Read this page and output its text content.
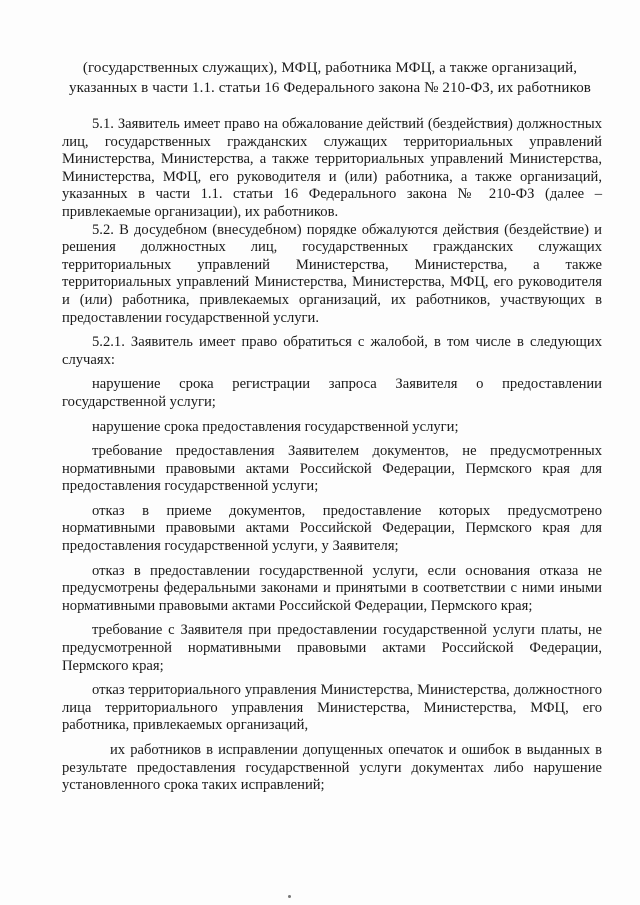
(государственных служащих), МФЦ, работника МФЦ, а также организаций,
указанных в части 1.1. статьи 16 Федерального закона № 210-ФЗ, их работников

5.1. Заявитель имеет право на обжалование действий (бездействия) должностных лиц, государственных гражданских служащих территориальных управлений Министерства, Министерства, а также территориальных управлений Министерства, Министерства, МФЦ, его руководителя и (или) работника, а также организаций, указанных в части 1.1. статьи 16 Федерального закона № 210-ФЗ (далее – привлекаемые организации), их работников.

5.2. В досудебном (внесудебном) порядке обжалуются действия (бездействие) и решения должностных лиц, государственных гражданских служащих территориальных управлений Министерства, Министерства, а также территориальных управлений Министерства, Министерства, МФЦ, его руководителя и (или) работника, привлекаемых организаций, их работников, участвующих в предоставлении государственной услуги.

5.2.1. Заявитель имеет право обратиться с жалобой, в том числе в следующих случаях:

нарушение срока регистрации запроса Заявителя о предоставлении государственной услуги;

нарушение срока предоставления государственной услуги;

требование предоставления Заявителем документов, не предусмотренных нормативными правовыми актами Российской Федерации, Пермского края для предоставления государственной услуги;

отказ в приеме документов, предоставление которых предусмотрено нормативными правовыми актами Российской Федерации, Пермского края для предоставления государственной услуги, у Заявителя;

отказ в предоставлении государственной услуги, если основания отказа не предусмотрены федеральными законами и принятыми в соответствии с ними иными нормативными правовыми актами Российской Федерации, Пермского края;

требование с Заявителя при предоставлении государственной услуги платы, не предусмотренной нормативными правовыми актами Российской Федерации, Пермского края;

отказ территориального управления Министерства, Министерства, должностного лица территориального управления Министерства, Министерства, МФЦ, его работника, привлекаемых организаций,

их работников в исправлении допущенных опечаток и ошибок в выданных в результате предоставления государственной услуги документах либо нарушение установленного срока таких исправлений;
